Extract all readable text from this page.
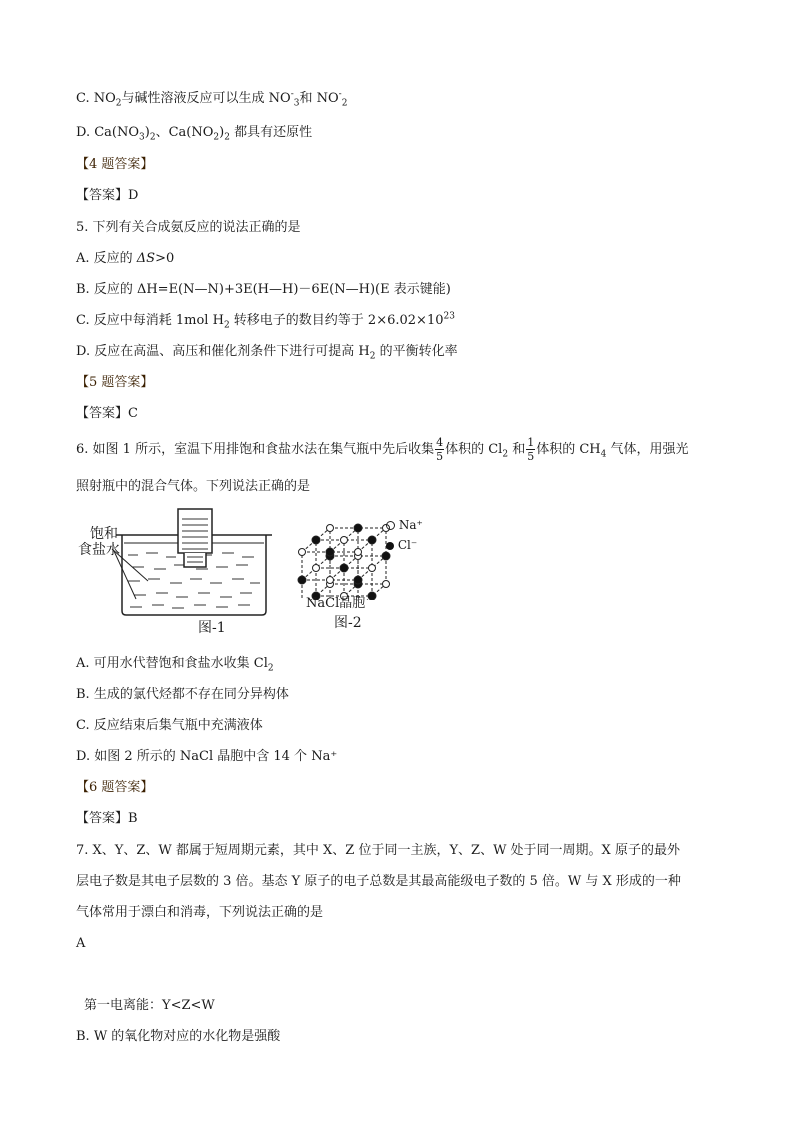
C. $NO_2$与碱性溶液反应可以生成 $NO^-_3$和 $NO^-_2$
D. $Ca(NO_3)_2$、$Ca(NO_2)_2$ 都具有还原性
【4 题答案】
【答案】D
5. 下列有关合成氨反应的说法正确的是
A. 反应的 ΔS>0
B. 反应的 ΔH=E(N—N)+3E(H—H)－6E(N—H)(E 表示键能)
C. 反应中每消耗 1mol $H_2$ 转移电子的数目约等于 $2\times 6.02\times 10^{23}$
D. 反应在高温、高压和催化剂条件下进行可提高 $H_2$ 的平衡转化率
【5 题答案】
【答案】C
6. 如图 1 所示，室温下用排饱和食盐水法在集气瓶中先后收集 $\frac{4}{5}$ 体积的 $Cl_2$ 和 $\frac{1}{5}$ 体积的 $CH_4$ 气体，用强光
照射瓶中的混合气体。下列说法正确的是
饱和
食盐水
图-1
NaCl晶胞
图-2
Na⁺
Cl⁻
A. 可用水代替饱和食盐水收集 $Cl_2$
B. 生成的氯代烃都不存在同分异构体
C. 反应结束后集气瓶中充满液体
D. 如图 2 所示的 NaCl 晶胞中含 14 个 Na⁺
【6 题答案】
【答案】B
7. X、Y、Z、W 都属于短周期元素，其中 X、Z 位于同一主族，Y、Z、W 处于同一周期。X 原子的最外
层电子数是其电子层数的 3 倍。基态 Y 原子的电子总数是其最高能级电子数的 5 倍。W 与 X 形成的一种
气体常用于漂白和消毒，下列说法正确的是
A
第一电离能：Y<Z<W
B. W 的氧化物对应的水化物是强酸
